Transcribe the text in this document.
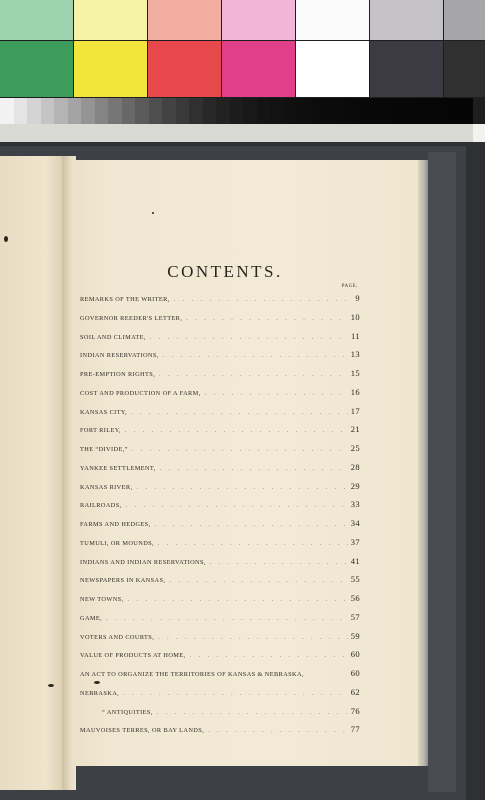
CONTENTS.
PAGE.
REMARKS OF THE WRITER, . . .	9
GOVERNOR REEDER'S LETTER, . . .	10
SOIL AND CLIMATE, . . .	11
INDIAN RESERVATIONS, . . .	13
PRE-EMPTION RIGHTS, . . .	15
COST AND PRODUCTION OF A FARM, . . .	16
KANSAS CITY, . . .	17
FORT RILEY, . . .	21
THE “DIVIDE,” . . .	25
YANKEE SETTLEMENT, . . .	28
KANSAS RIVER, . . .	29
RAILROADS, . . .	33
FARMS AND HEDGES, . . .	34
TUMULI, OR MOUNDS, . . .	37
INDIANS AND INDIAN RESERVATIONS, . . .	41
NEWSPAPERS IN KANSAS, . . .	55
NEW TOWNS, . . .	56
GAME, . . .	57
VOTERS AND COURTS, . . .	59
VALUE OF PRODUCTS AT HOME, . . .	60
AN ACT TO ORGANIZE THE TERRITORIES OF KANSAS & NEBRASKA,	60
NEBRASKA, . . .	62
“ ANTIQUITIES, . . .	76
MAUVOISES TERRES, OR BAY LANDS, . . .	77
